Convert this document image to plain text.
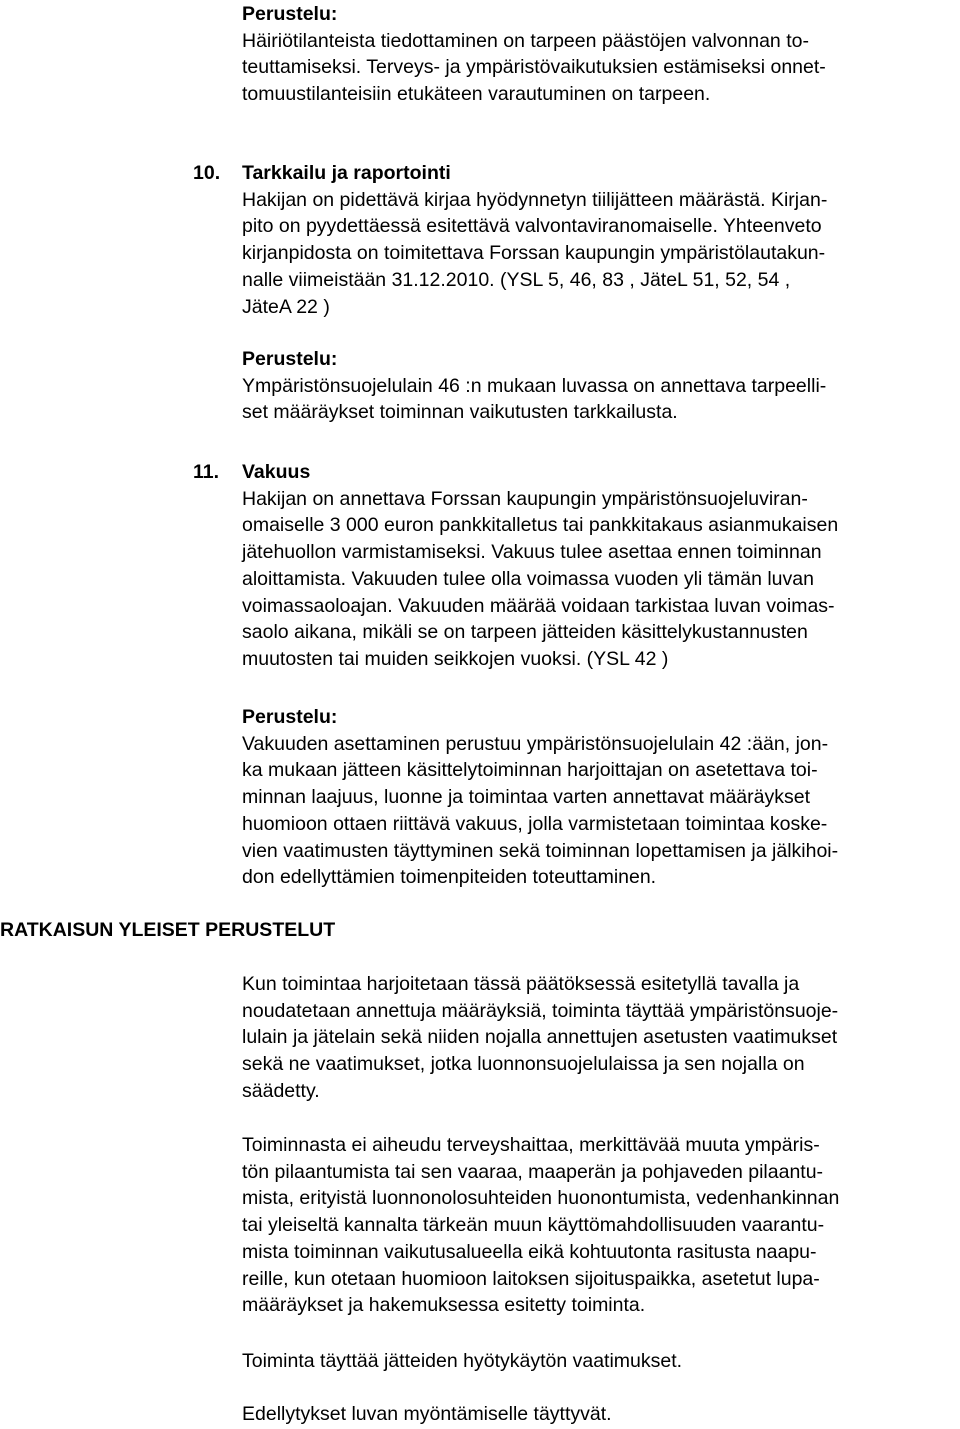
Perustelu:
Häiriötilanteista tiedottaminen on tarpeen päästöjen valvonnan to-
teuttamiseksi. Terveys- ja ympäristövaikutuksien estämiseksi onnet-
tomuustilanteisiin etukäteen varautuminen on tarpeen.
10. Tarkkailu ja raportointi
Hakijan on pidettävä kirjaa hyödynnetyn tiilijätteen määrästä. Kirjan-
pito on pyydettäessä esitettävä valvontaviranomaiselle. Yhteenveto
kirjanpidosta on toimitettava Forssan kaupungin ympäristölautakun-
nalle viimeistään 31.12.2010. (YSL 5, 46, 83 , JäteL 51, 52, 54 ,
JäteA 22 )
Perustelu:
Ympäristönsuojelulain 46 :n mukaan luvassa on annettava tarpeelli-
set määräykset toiminnan vaikutusten tarkkailusta.
11. Vakuus
Hakijan on annettava Forssan kaupungin ympäristönsuojeluviran-
omaiselle 3 000 euron pankkitalletus tai pankkitakaus asianmukaisen
jätehuollon varmistamiseksi. Vakuus tulee asettaa ennen toiminnan
aloittamista. Vakuuden tulee olla voimassa vuoden yli tämän luvan
voimassaoloajan. Vakuuden määrää voidaan tarkistaa luvan voimas-
saolo aikana, mikäli se on tarpeen jätteiden käsittelykustannusten
muutosten tai muiden seikkojen vuoksi. (YSL 42 )
Perustelu:
Vakuuden asettaminen perustuu ympäristönsuojelulain 42 :ään, jon-
ka mukaan jätteen käsittelytoiminnan harjoittajan on asetettava toi-
minnan laajuus, luonne ja toimintaa varten annettavat määräykset
huomioon ottaen riittävä vakuus, jolla varmistetaan toimintaa koske-
vien vaatimusten täyttyminen sekä toiminnan lopettamisen ja jälkihoi-
don edellyttämien toimenpiteiden toteuttaminen.
RATKAISUN YLEISET PERUSTELUT
Kun toimintaa harjoitetaan tässä päätöksessä esitetyllä tavalla ja
noudatetaan annettuja määräyksiä, toiminta täyttää ympäristönsuoje-
lulain ja jätelain sekä niiden nojalla annettujen asetusten vaatimukset
sekä ne vaatimukset, jotka luonnonsuojelulaissa ja sen nojalla on
säädetty.
Toiminnasta ei aiheudu terveyshaittaa, merkittävää muuta ympäris-
tön pilaantumista tai sen vaaraa, maaperän ja pohjaveden pilaantu-
mista, erityistä luonnonolosuhteiden huonontumista, vedenhankinnan
tai yleiseltä kannalta tärkeän muun käyttömahdollisuuden vaarantu-
mista toiminnan vaikutusalueella eikä kohtuutonta rasitusta naapu-
reille, kun otetaan huomioon laitoksen sijoituspaikka, asetetut lupa-
määräykset ja hakemuksessa esitetty toiminta.
Toiminta täyttää jätteiden hyötykäytön vaatimukset.
Edellytykset luvan myöntämiselle täyttyvät.
